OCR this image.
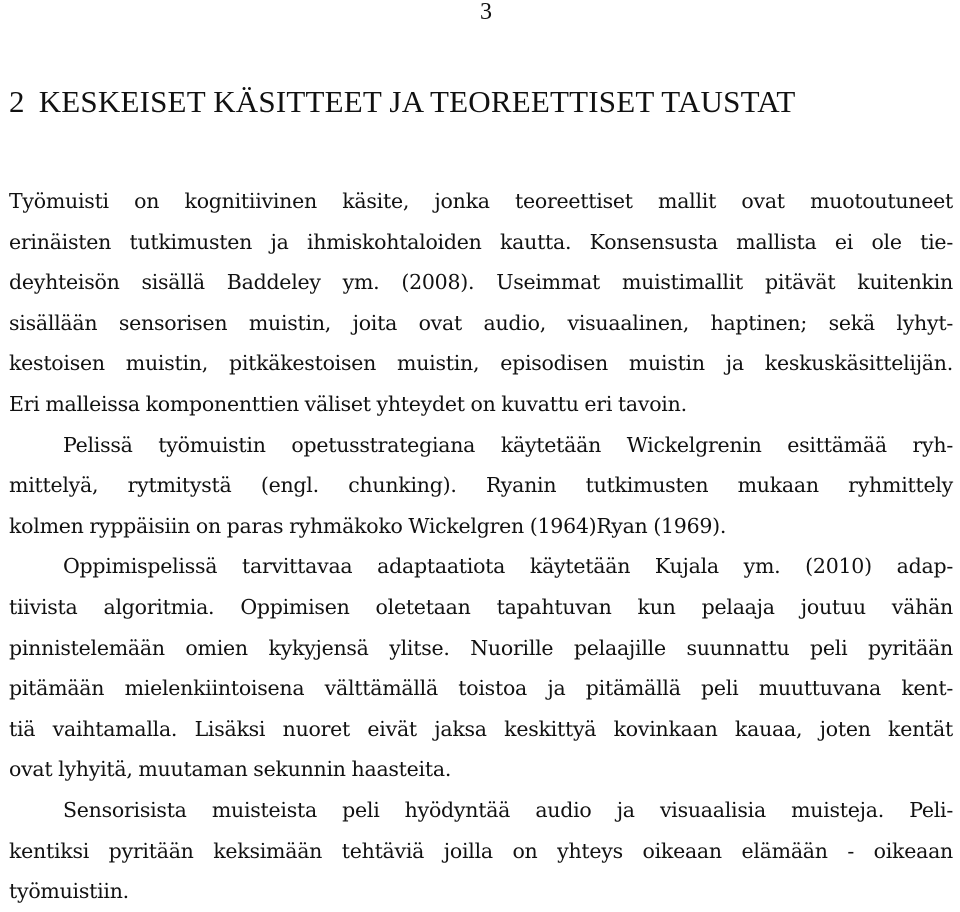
3
2 KESKEISET KÄSITTEET JA TEOREETTISET TAUSTAT
Työmuisti on kognitiivinen käsite, jonka teoreettiset mallit ovat muotoutuneet
erinäisten tutkimusten ja ihmiskohtaloiden kautta. Konsensusta mallista ei ole tie-
deyhteisön sisällä Baddeley ym. (2008). Useimmat muistimallit pitävät kuitenkin
sisällään sensorisen muistin, joita ovat audio, visuaalinen, haptinen; sekä lyhyt-
kestoisen muistin, pitkäkestoisen muistin, episodisen muistin ja keskuskäsittelijän.
Eri malleissa komponenttien väliset yhteydet on kuvattu eri tavoin.
Pelissä työmuistin opetusstrategiana käytetään Wickelgrenin esittämää ryh-
mittelyä, rytmitystä (engl. chunking). Ryanin tutkimusten mukaan ryhmittely
kolmen ryppäisiin on paras ryhmäkoko Wickelgren (1964)Ryan (1969).
Oppimispelissä tarvittavaa adaptaatiota käytetään Kujala ym. (2010) adap-
tiivista algoritmia. Oppimisen oletetaan tapahtuvan kun pelaaja joutuu vähän
pinnistelemään omien kykyjensä ylitse. Nuorille pelaajille suunnattu peli pyritään
pitämään mielenkiintoisena välttämällä toistoa ja pitämällä peli muuttuvana kent-
tiä vaihtamalla. Lisäksi nuoret eivät jaksa keskittyä kovinkaan kauaa, joten kentät
ovat lyhyitä, muutaman sekunnin haasteita.
Sensorisista muisteista peli hyödyntää audio ja visuaalisia muisteja. Peli-
kentiksi pyritään keksimään tehtäviä joilla on yhteys oikeaan elämään - oikeaan
työmuistiin.
